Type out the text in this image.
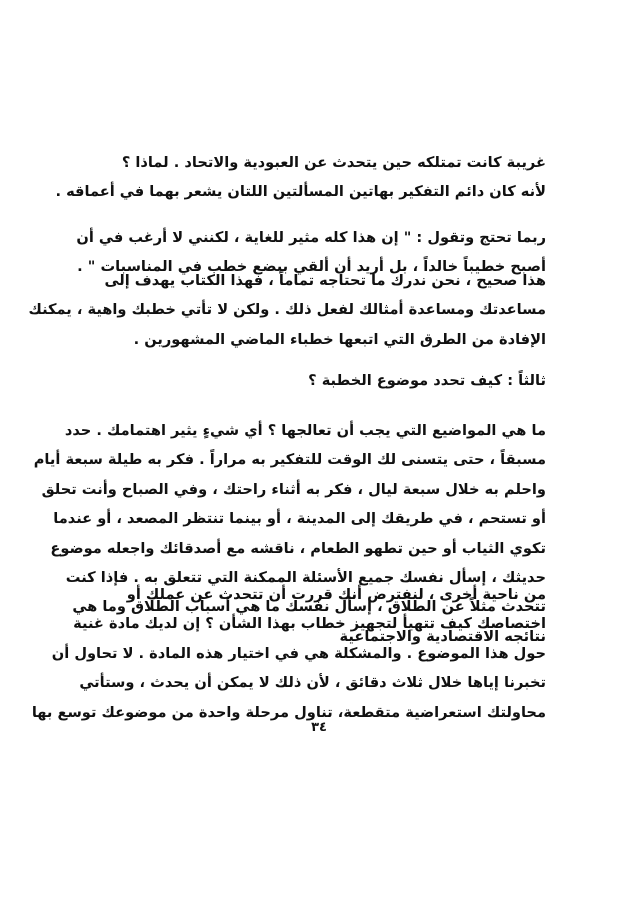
غريبة كانت تمتلكه حين يتحدث عن العبودية والاتحاد . لماذا ؟
لأنه كان دائم التفكير بهاتين المسألتين اللتان يشعر بهما في أعماقه .
ربما تحتج وتقول : " إن هذا كله مثير للغاية ، لكنني لا أرغب في أن
أصبح خطيباً خالداً ، بل أريد أن ألقي ببضع خطب في المناسبات " .
هذا صحيح ، نحن ندرك ما تحتاجه تماماً ، فهذا الكتاب يهدف إلى
مساعدتك ومساعدة أمثالك لفعل ذلك . ولكن لا تأتي خطبك واهية ، يمكنك
الإفادة من الطرق التي اتبعها خطباء الماضي المشهورين .
ثالثاً : كيف تحدد موضوع الخطبة ؟
ما هي المواضيع التي يجب أن تعالجها ؟ أي شيءٍ يثير اهتمامك . حدد
مسبقاً ، حتى يتسنى لك الوقت للتفكير به مراراً . فكر به طيلة سبعة أيام
واحلم به خلال سبعة ليال ، فكر به أثناء راحتك ، وفي الصباح وأنت تحلق
أو تستحم ، في طريقك إلى المدينة ، أو بينما تنتظر المصعد ، أو عندما
تكوي الثياب أو حين تطهو الطعام ، ناقشه مع أصدقائك واجعله موضوع
حديثك ، إسأل نفسك جميع الأسئلة الممكنة التي تتعلق به . فإذا كنت
تتحدث مثلاً عن الطلاق ، إسأل نفسك ما هي أسباب الطلاق وما هي
نتائجه الاقتصادية والاجتماعية
من ناحية أخرى ، لنفترض أنك قررت أن تتحدث عن عملك أو
اختصاصك كيف تتهيأ لتجهيز خطاب بهذا الشأن ؟ إن لديك مادة غنية
حول هذا الموضوع . والمشكلة هي في اختيار هذه المادة . لا تحاول أن
تخبرنا إياها خلال ثلاث دقائق ، لأن ذلك لا يمكن أن يحدث ، وستأتي
محاولتك استعراضية متقطعة، تناول مرحلة واحدة من موضوعك توسع بها
٣٤
